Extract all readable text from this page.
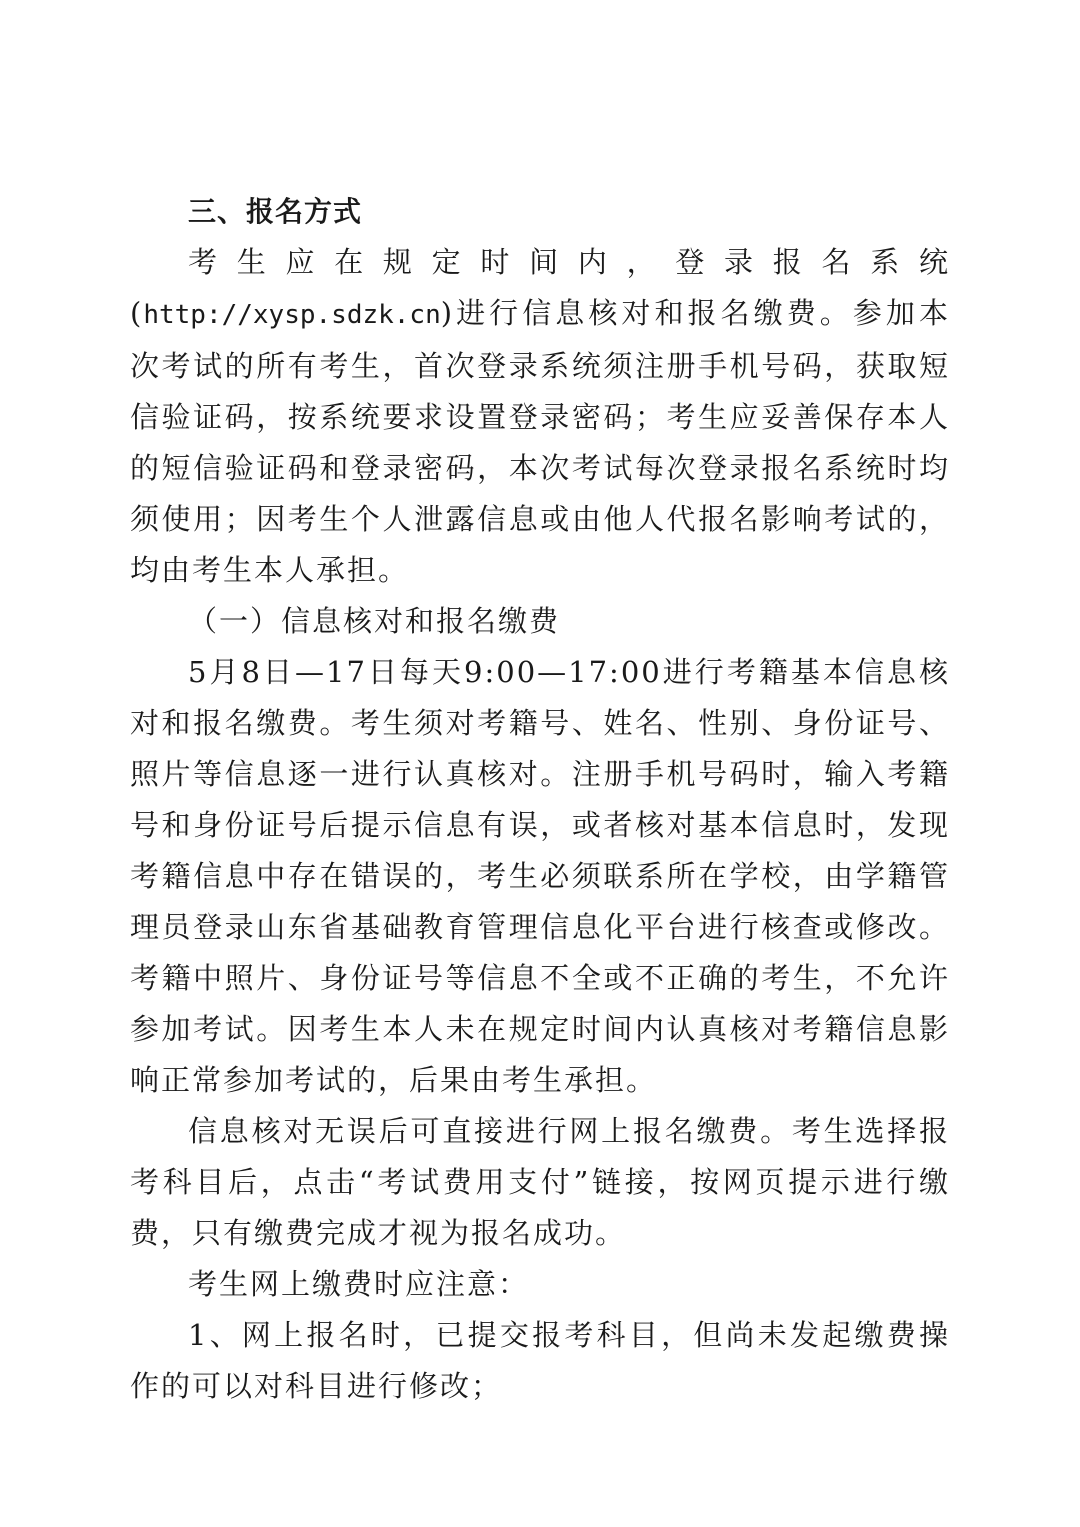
三、报名方式

考生应在规定时间内，登录报名系统(http://xysp.sdzk.cn)进行信息核对和报名缴费。参加本次考试的所有考生，首次登录系统须注册手机号码，获取短信验证码，按系统要求设置登录密码；考生应妥善保存本人的短信验证码和登录密码，本次考试每次登录报名系统时均须使用；因考生个人泄露信息或由他人代报名影响考试的，均由考生本人承担。

（一）信息核对和报名缴费

5月8日—17日每天9:00—17:00进行考籍基本信息核对和报名缴费。考生须对考籍号、姓名、性别、身份证号、照片等信息逐一进行认真核对。注册手机号码时，输入考籍号和身份证号后提示信息有误，或者核对基本信息时，发现考籍信息中存在错误的，考生必须联系所在学校，由学籍管理员登录山东省基础教育管理信息化平台进行核查或修改。考籍中照片、身份证号等信息不全或不正确的考生，不允许参加考试。因考生本人未在规定时间内认真核对考籍信息影响正常参加考试的，后果由考生承担。

信息核对无误后可直接进行网上报名缴费。考生选择报考科目后，点击“考试费用支付”链接，按网页提示进行缴费，只有缴费完成才视为报名成功。

考生网上缴费时应注意：

1、网上报名时，已提交报考科目，但尚未发起缴费操作的可以对科目进行修改；
